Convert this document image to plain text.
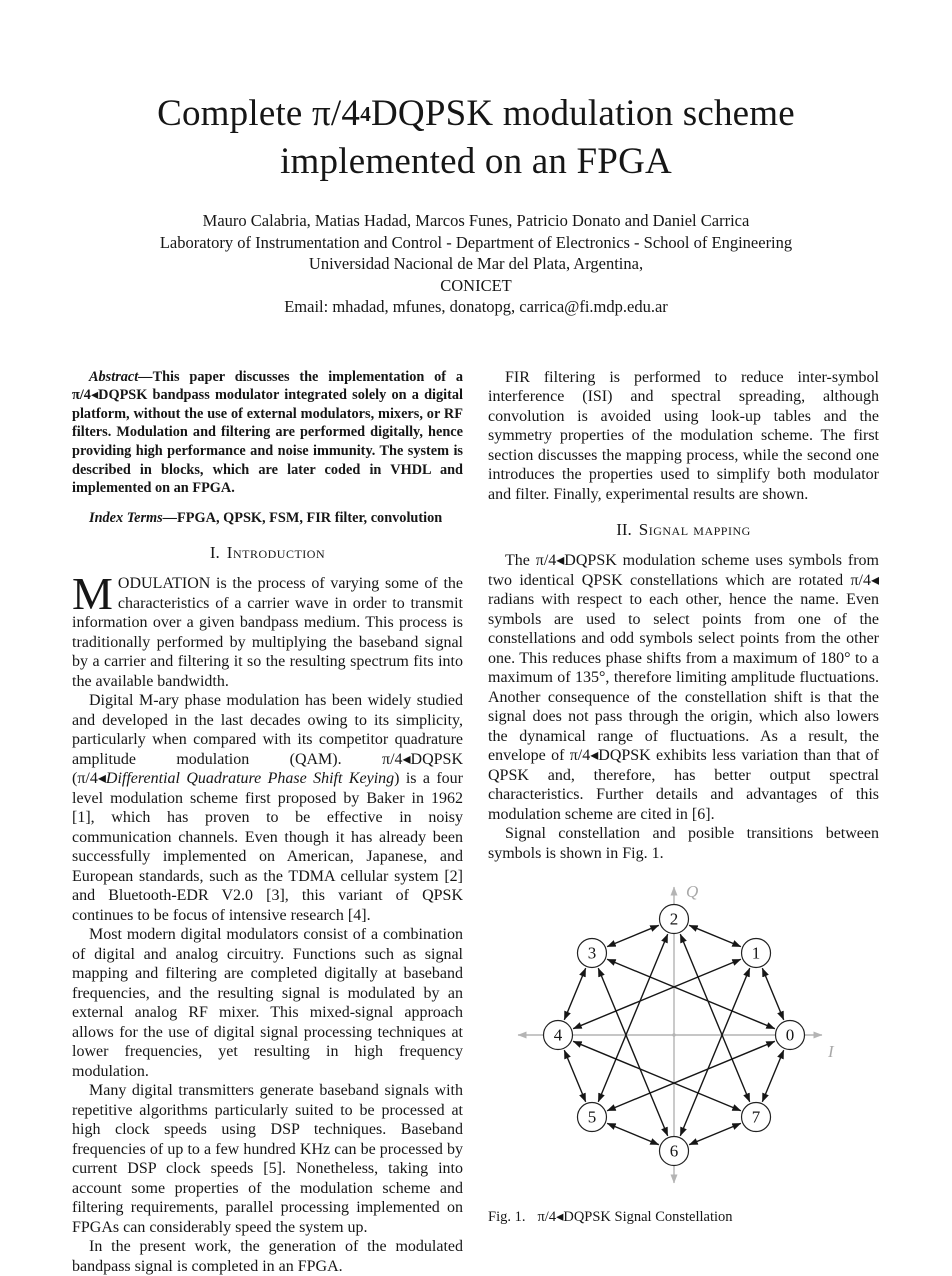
Complete π/44DQPSK modulation scheme implemented on an FPGA
Mauro Calabria, Matias Hadad, Marcos Funes, Patricio Donato and Daniel Carrica
Laboratory of Instrumentation and Control - Department of Electronics - School of Engineering
Universidad Nacional de Mar del Plata, Argentina,
CONICET
Email: mhadad, mfunes, donatopg, carrica@fi.mdp.edu.ar

Abstract—This paper discusses the implementation of a π/4◂DQPSK bandpass modulator integrated solely on a digital platform, without the use of external modulators, mixers, or RF filters. Modulation and filtering are performed digitally, hence providing high performance and noise immunity. The system is described in blocks, which are later coded in VHDL and implemented on an FPGA.

Index Terms—FPGA, QPSK, FSM, FIR filter, convolution

I. Introduction

MODULATION is the process of varying some of the characteristics of a carrier wave in order to transmit information over a given bandpass medium. This process is traditionally performed by multiplying the baseband signal by a carrier and filtering it so the resulting spectrum fits into the available bandwidth.

Digital M-ary phase modulation has been widely studied and developed in the last decades owing to its simplicity, particularly when compared with its competitor quadrature amplitude modulation (QAM). π/4◂DQPSK (π/4◂Differential Quadrature Phase Shift Keying) is a four level modulation scheme first proposed by Baker in 1962 [1], which has proven to be effective in noisy communication channels. Even though it has already been successfully implemented on American, Japanese, and European standards, such as the TDMA cellular system [2] and Bluetooth-EDR V2.0 [3], this variant of QPSK continues to be focus of intensive research [4].

Most modern digital modulators consist of a combination of digital and analog circuitry. Functions such as signal mapping and filtering are completed digitally at baseband frequencies, and the resulting signal is modulated by an external analog RF mixer. This mixed-signal approach allows for the use of digital signal processing techniques at lower frequencies, yet resulting in high frequency modulation.

Many digital transmitters generate baseband signals with repetitive algorithms particularly suited to be processed at high clock speeds using DSP techniques. Baseband frequencies of up to a few hundred KHz can be processed by current DSP clock speeds [5]. Nonetheless, taking into account some properties of the modulation scheme and filtering requirements, parallel processing implemented on FPGAs can considerably speed the system up.

In the present work, the generation of the modulated bandpass signal is completed in an FPGA.

FIR filtering is performed to reduce inter-symbol interference (ISI) and spectral spreading, although convolution is avoided using look-up tables and the symmetry properties of the modulation scheme. The first section discusses the mapping process, while the second one introduces the properties used to simplify both modulator and filter. Finally, experimental results are shown.

II. Signal mapping

The π/4◂DQPSK modulation scheme uses symbols from two identical QPSK constellations which are rotated π/4◂ radians with respect to each other, hence the name. Even symbols are used to select points from one of the constellations and odd symbols select points from the other one. This reduces phase shifts from a maximum of 180° to a maximum of 135°, therefore limiting amplitude fluctuations. Another consequence of the constellation shift is that the signal does not pass through the origin, which also lowers the dynamical range of fluctuations. As a result, the envelope of π/4◂DQPSK exhibits less variation than that of QPSK and, therefore, has better output spectral characteristics. Further details and advantages of this modulation scheme are cited in [6].

Signal constellation and posible transitions between symbols is shown in Fig. 1.

Q
I
0
1
2
3
4
5
6
7
Fig. 1. π/4◂DQPSK Signal Constellation
